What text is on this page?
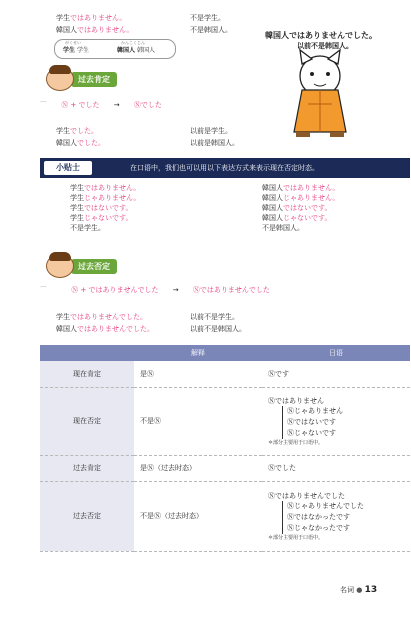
学生ではありません。	不是学生。
韓国人ではありません。	不是韩国人。
がくせい
学生 学生
かんこくじん
韓国人 韩国人
韓国人ではありませんでした。
以前不是韩国人。
过去肯定
⌒ Ⓝ + でした → Ⓝでした
学生でした。	以前是学生。
韓国人でした。	以前是韩国人。
小贴士	在口语中，我们也可以用以下表达方式来表示现在否定时态。
学生ではありません。
学生じゃありません。
学生ではないです。
学生じゃないです。
不是学生。
韓国人ではありません。
韓国人じゃありません。
韓国人ではないです。
韓国人じゃないです。
不是韩国人。
过去否定
⌒	Ⓝ + ではありませんでした → Ⓝではありませんでした
学生ではありませんでした。	以前不是学生。
韓国人ではありませんでした。	以前不是韩国人。
	解释	日语
现在肯定	是Ⓝ	Ⓝです
现在否定	不是Ⓝ	Ⓝではありません
Ⓝじゃありません
Ⓝではないです
Ⓝじゃないです
＊部分主要用于口语中。

过去肯定	是Ⓝ（过去时态）	Ⓝでした
过去否定	不是Ⓝ（过去时态）	Ⓝではありませんでした
Ⓝじゃありませんでした
Ⓝではなかったです
Ⓝじゃなかったです
＊部分主要用于口语中。
名词 ● 13
